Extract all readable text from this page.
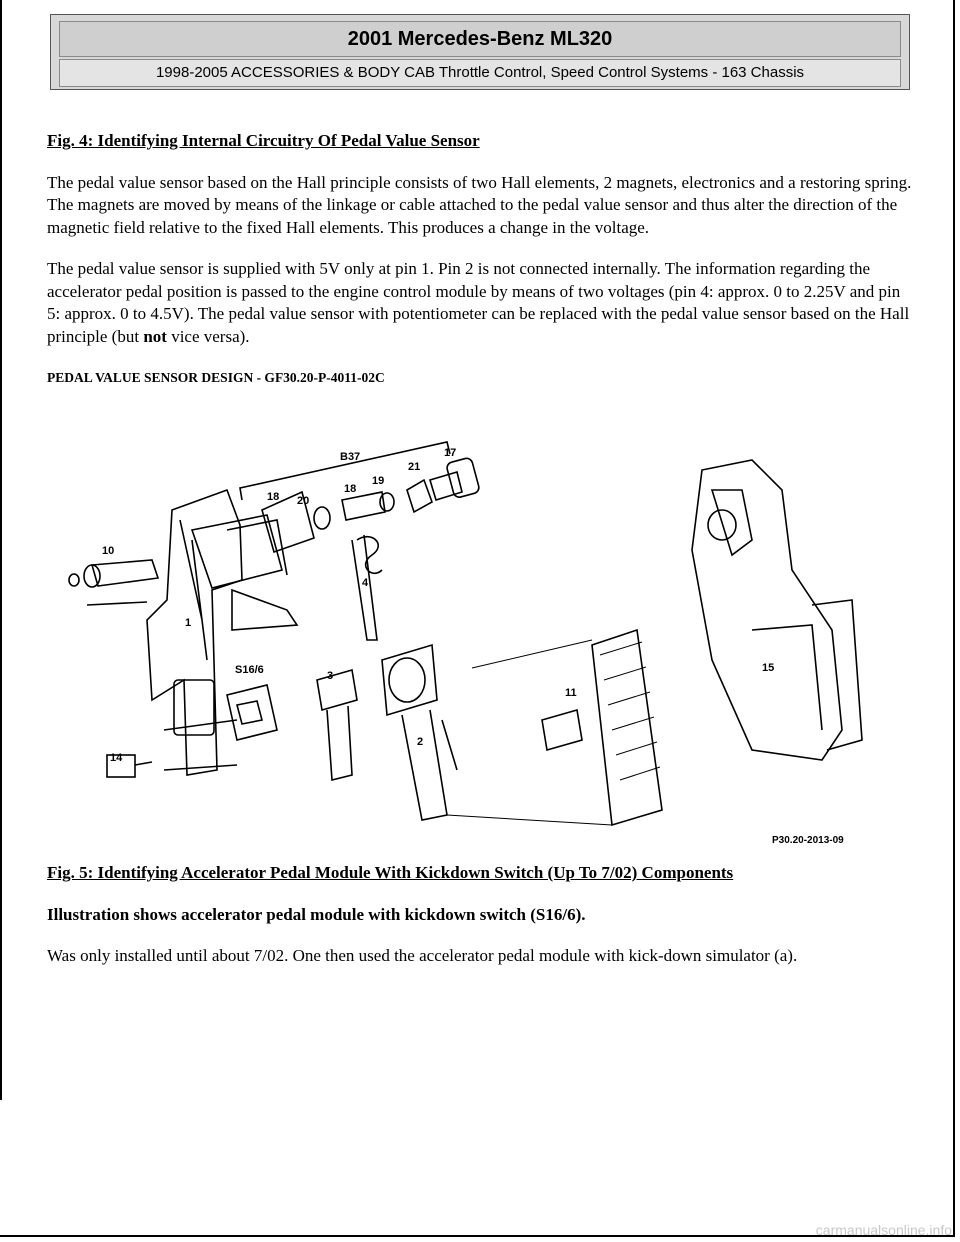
2001 Mercedes-Benz ML320
1998-2005 ACCESSORIES & BODY CAB Throttle Control, Speed Control Systems - 163 Chassis

Fig. 4: Identifying Internal Circuitry Of Pedal Value Sensor

The pedal value sensor based on the Hall principle consists of two Hall elements, 2 magnets, electronics and a restoring spring. The magnets are moved by means of the linkage or cable attached to the pedal value sensor and thus alter the direction of the magnetic field relative to the fixed Hall elements. This produces a change in the voltage.

The pedal value sensor is supplied with 5V only at pin 1. Pin 2 is not connected internally. The information regarding the accelerator pedal position is passed to the engine control module by means of two voltages (pin 4: approx. 0 to 2.25V and pin 5: approx. 0 to 4.5V). The pedal value sensor with potentiometer can be replaced with the pedal value sensor based on the Hall principle (but not vice versa).

PEDAL VALUE SENSOR DESIGN - GF30.20-P-4011-02C

B37	17
21
19
18
18
20
10
1
4
S16/6	3
2
11
14
15
P30.20-2013-09
Fig. 5: Identifying Accelerator Pedal Module With Kickdown Switch (Up To 7/02) Components
Illustration shows accelerator pedal module with kickdown switch (S16/6).
Was only installed until about 7/02. One then used the accelerator pedal module with kick-down simulator (a).
carmanualsonline.info
